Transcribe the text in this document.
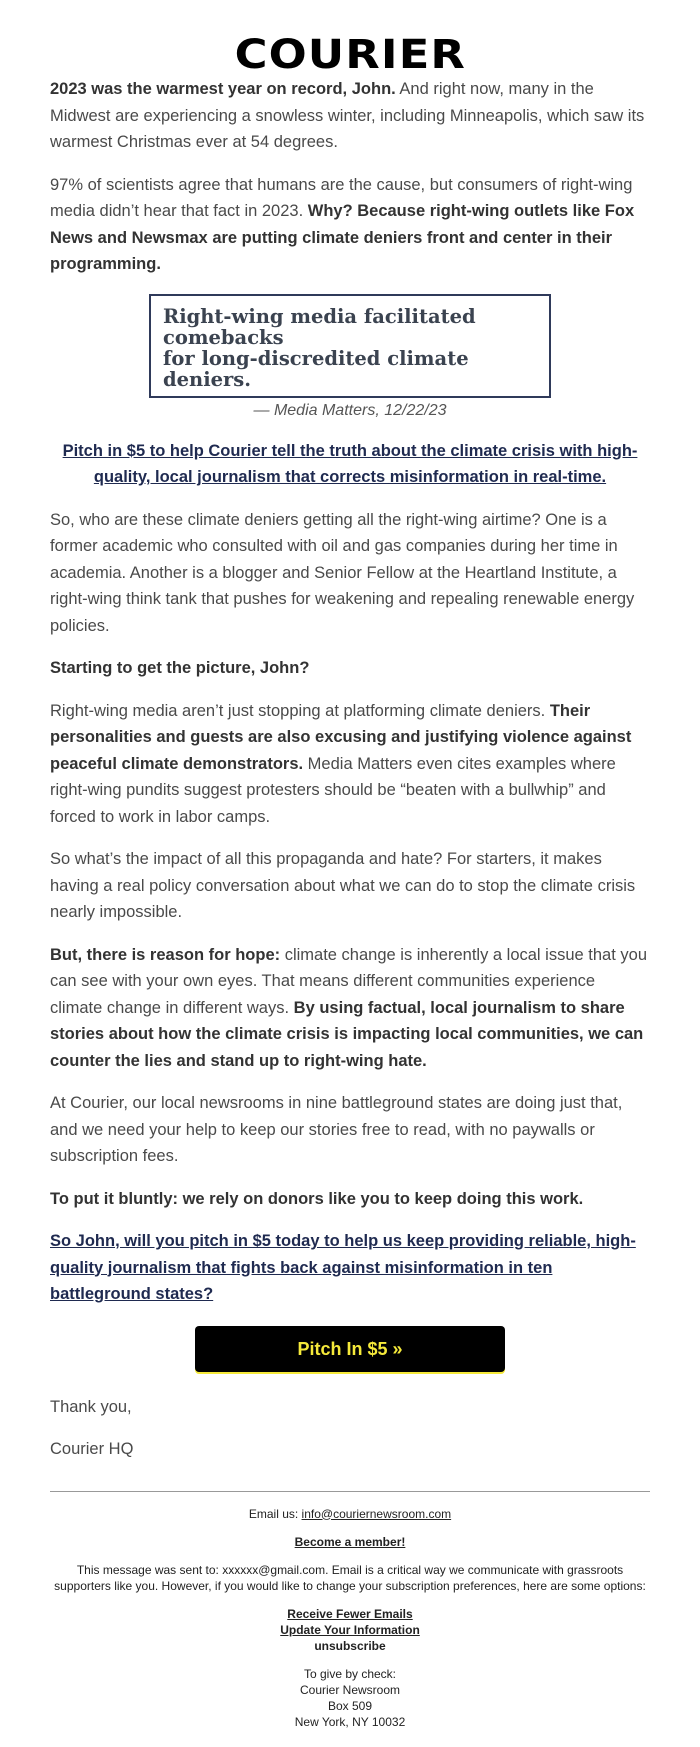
COURIER

2023 was the warmest year on record, John. And right now, many in the Midwest are experiencing a snowless winter, including Minneapolis, which saw its warmest Christmas ever at 54 degrees.

97% of scientists agree that humans are the cause, but consumers of right-wing media didn’t hear that fact in 2023. Why? Because right-wing outlets like Fox News and Newsmax are putting climate deniers front and center in their programming.

Right-wing media facilitated comebacks
for long-discredited climate deniers.
— Media Matters, 12/22/23
Pitch in $5 to help Courier tell the truth about the climate crisis with high-quality, local journalism that corrects misinformation in real-time.

So, who are these climate deniers getting all the right-wing airtime? One is a former academic who consulted with oil and gas companies during her time in academia. Another is a blogger and Senior Fellow at the Heartland Institute, a right-wing think tank that pushes for weakening and repealing renewable energy policies.

Starting to get the picture, John?

Right-wing media aren’t just stopping at platforming climate deniers. Their personalities and guests are also excusing and justifying violence against peaceful climate demonstrators. Media Matters even cites examples where right-wing pundits suggest protesters should be “beaten with a bullwhip” and forced to work in labor camps.

So what’s the impact of all this propaganda and hate? For starters, it makes having a real policy conversation about what we can do to stop the climate crisis nearly impossible.

But, there is reason for hope: climate change is inherently a local issue that you can see with your own eyes. That means different communities experience climate change in different ways. By using factual, local journalism to share stories about how the climate crisis is impacting local communities, we can counter the lies and stand up to right-wing hate.

At Courier, our local newsrooms in nine battleground states are doing just that, and we need your help to keep our stories free to read, with no paywalls or subscription fees.

To put it bluntly: we rely on donors like you to keep doing this work.

So John, will you pitch in $5 today to help us keep providing reliable, high-quality journalism that fights back against misinformation in ten battleground states?
Pitch In $5 »

Thank you,

Courier HQ

Email us: info@couriernewsroom.com
Become a member!
This message was sent to: xxxxxx@gmail.com. Email is a critical way we communicate with grassroots supporters like you. However, if you would like to change your subscription preferences, here are some options:
Receive Fewer Emails
Update Your Information
unsubscribe
To give by check:
Courier Newsroom
Box 509
New York, NY 10032
